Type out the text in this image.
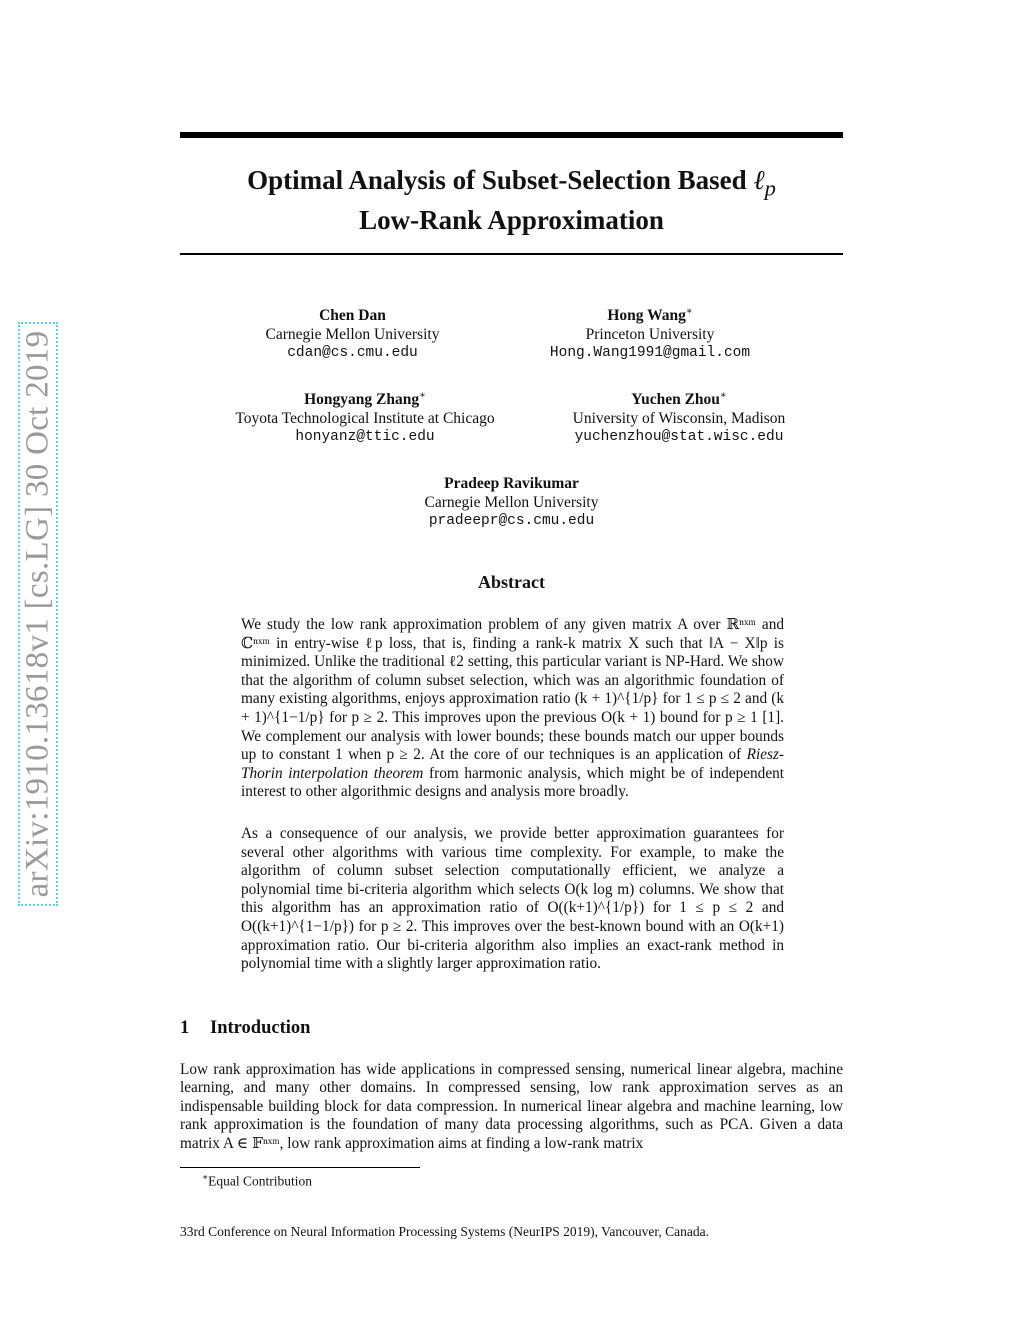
Optimal Analysis of Subset-Selection Based ℓ$_p$
Low-Rank Approximation
arXiv:1910.13618v1 [cs.LG] 30 Oct 2019
Chen Dan
Carnegie Mellon University
cdan@cs.cmu.edu
Hong Wang∗
Princeton University
Hong.Wang1991@gmail.com
Hongyang Zhang∗
Toyota Technological Institute at Chicago
honyanz@ttic.edu
Yuchen Zhou∗
University of Wisconsin, Madison
yuchenzhou@stat.wisc.edu
Pradeep Ravikumar
Carnegie Mellon University
pradeepr@cs.cmu.edu
Abstract
We study the low rank approximation problem of any given matrix A over ℝⁿˣᵐ and ℂⁿˣᵐ in entry-wise ℓp loss, that is, finding a rank-k matrix X such that ‖A − X‖p is minimized. Unlike the traditional ℓ2 setting, this particular variant is NP-Hard. We show that the algorithm of column subset selection, which was an algorithmic foundation of many existing algorithms, enjoys approximation ratio (k + 1)^{1/p} for 1 ≤ p ≤ 2 and (k + 1)^{1−1/p} for p ≥ 2. This improves upon the previous O(k + 1) bound for p ≥ 1 [1]. We complement our analysis with lower bounds; these bounds match our upper bounds up to constant 1 when p ≥ 2. At the core of our techniques is an application of Riesz-Thorin interpolation theorem from harmonic analysis, which might be of independent interest to other algorithmic designs and analysis more broadly.
As a consequence of our analysis, we provide better approximation guarantees for several other algorithms with various time complexity. For example, to make the algorithm of column subset selection computationally efficient, we analyze a polynomial time bi-criteria algorithm which selects O(k log m) columns. We show that this algorithm has an approximation ratio of O((k+1)^{1/p}) for 1 ≤ p ≤ 2 and O((k+1)^{1−1/p}) for p ≥ 2. This improves over the best-known bound with an O(k+1) approximation ratio. Our bi-criteria algorithm also implies an exact-rank method in polynomial time with a slightly larger approximation ratio.
1 Introduction
Low rank approximation has wide applications in compressed sensing, numerical linear algebra, machine learning, and many other domains. In compressed sensing, low rank approximation serves as an indispensable building block for data compression. In numerical linear algebra and machine learning, low rank approximation is the foundation of many data processing algorithms, such as PCA. Given a data matrix A ∈ 𝔽ⁿˣᵐ, low rank approximation aims at finding a low-rank matrix
∗Equal Contribution
33rd Conference on Neural Information Processing Systems (NeurIPS 2019), Vancouver, Canada.
